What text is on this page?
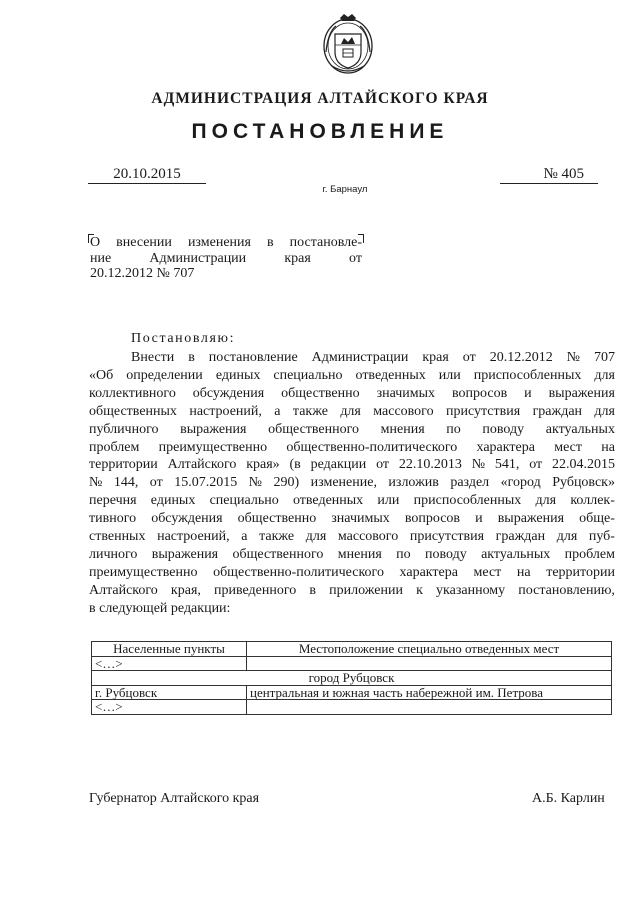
АДМИНИСТРАЦИЯ АЛТАЙСКОГО КРАЯ
ПОСТАНОВЛЕНИЕ
20.10.2015	№ 405
г. Барнаул
О внесении изменения в постановле-
ние	Администрации	края	от
20.12.2012 № 707
Постановляю:
Внести в постановление Администрации края от 20.12.2012 № 707
«Об определении единых специально отведенных или приспособленных для
коллективного обсуждения общественно значимых вопросов и выражения
общественных настроений, а также для массового присутствия граждан для
публичного выражения общественного мнения по поводу актуальных
проблем преимущественно общественно-политического характера мест на
территории Алтайского края» (в редакции от 22.10.2013 № 541, от 22.04.2015
№ 144, от 15.07.2015 № 290) изменение, изложив раздел «город Рубцовск»
перечня единых специально отведенных или приспособленных для коллек-
тивного обсуждения общественно значимых вопросов и выражения обще-
ственных настроений, а также для массового присутствия граждан для пуб-
личного выражения общественного мнения по поводу актуальных проблем
преимущественно общественно-политического характера мест на территории
Алтайского края, приведенного в приложении к указанному постановлению,
в следующей редакции:
Населенные пункты	Местоположение специально отведенных мест
<…>	
город Рубцовск	
г. Рубцовск	центральная и южная часть набережной им. Петрова
<…>	
Губернатор Алтайского края	А.Б. Карлин
